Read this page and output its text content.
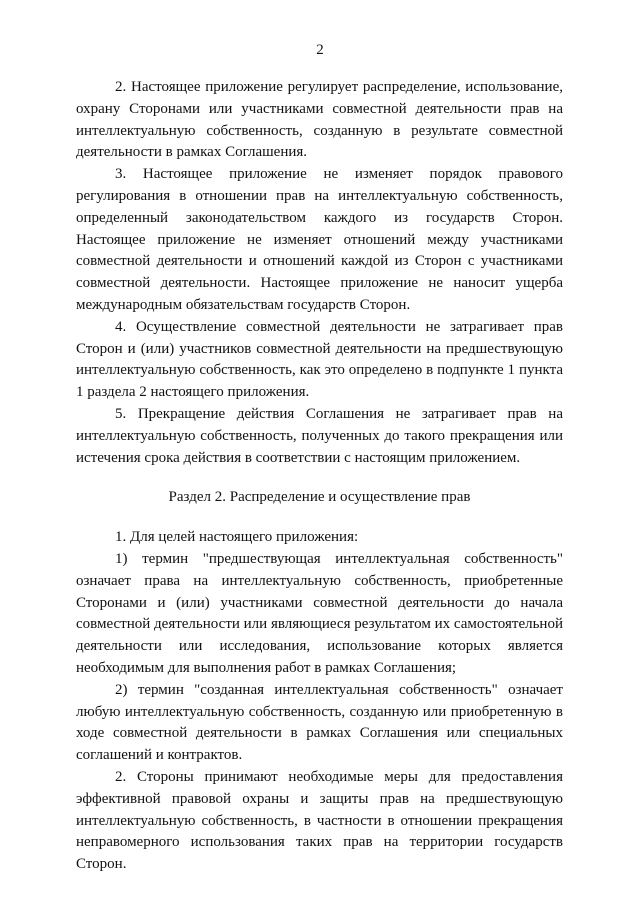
2

2. Настоящее приложение регулирует распределение, использование, охрану Сторонами или участниками совместной деятельности прав на интеллектуальную собственность, созданную в результате совместной деятельности в рамках Соглашения.

3. Настоящее приложение не изменяет порядок правового регулирования в отношении прав на интеллектуальную собственность, определенный законодательством каждого из государств Сторон. Настоящее приложение не изменяет отношений между участниками совместной деятельности и отношений каждой из Сторон с участниками совместной деятельности. Настоящее приложение не наносит ущерба международным обязательствам государств Сторон.

4. Осуществление совместной деятельности не затрагивает прав Сторон и (или) участников совместной деятельности на предшествующую интеллектуальную собственность, как это определено в подпункте 1 пункта 1 раздела 2 настоящего приложения.

5. Прекращение действия Соглашения не затрагивает прав на интеллектуальную собственность, полученных до такого прекращения или истечения срока действия в соответствии с настоящим приложением.

Раздел 2. Распределение и осуществление прав

1. Для целей настоящего приложения:

1) термин "предшествующая интеллектуальная собственность" означает права на интеллектуальную собственность, приобретенные Сторонами и (или) участниками совместной деятельности до начала совместной деятельности или являющиеся результатом их самостоятельной деятельности или исследования, использование которых является необходимым для выполнения работ в рамках Соглашения;

2) термин "созданная интеллектуальная собственность" означает любую интеллектуальную собственность, созданную или приобретенную в ходе совместной деятельности в рамках Соглашения или специальных соглашений и контрактов.

2. Стороны принимают необходимые меры для предоставления эффективной правовой охраны и защиты прав на предшествующую интеллектуальную собственность, в частности в отношении прекращения неправомерного использования таких прав на территории государств Сторон.
